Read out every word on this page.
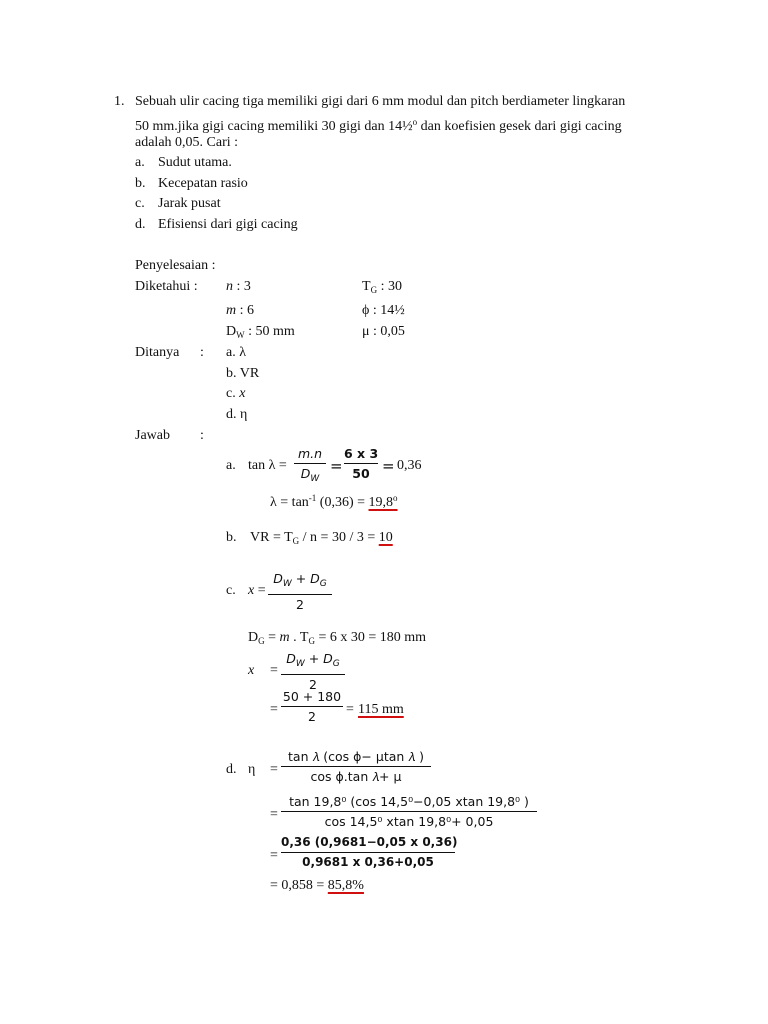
1. Sebuah ulir cacing tiga memiliki gigi dari 6 mm modul dan pitch berdiameter lingkaran
50 mm.jika gigi cacing memiliki 30 gigi dan 14½$^o$ dan koefisien gesek dari gigi cacing
adalah 0,05. Cari :
a. Sudut utama.
b. Kecepatan rasio
c. Jarak pusat
d. Efisiensi dari gigi cacing
Penyelesaian :
Diketahui : n : 3
m : 6
$D_W$ : 50 mm
$T_G$ : 30
ϕ : 14½
μ : 0,05
Ditanya : a. λ
b. VR
c. x
d. η
Jawab :
a. tan λ =
m.n
$D_W$
=
6 x 3
50 = 0,36
$\lambda = \tan^{-1} (0,36) = 19,8^o$
b. VR = $T_G / n = 30 / 3 = 10$
c. x =
$D_W + D_G$
2
$D_G = m$ . $T_G = 6$ x 30 = 180 mm
x =
$D_W + D_G$
2
=
50 + 180
2	= 115 mm
d. η =
tan 𝜆 (cos ϕ− μtan 𝜆 )
cos ϕ.tan 𝜆+ μ
=
tan 19,8⁰ (cos 14,5⁰−0,05 xtan 19,8⁰ )
cos 14,5⁰ xtan 19,8⁰+ 0,05
=
0,36 (0,9681−0,05 x 0,36)
0,9681 x 0,36+0,05
= 0,858 = 85,8%
